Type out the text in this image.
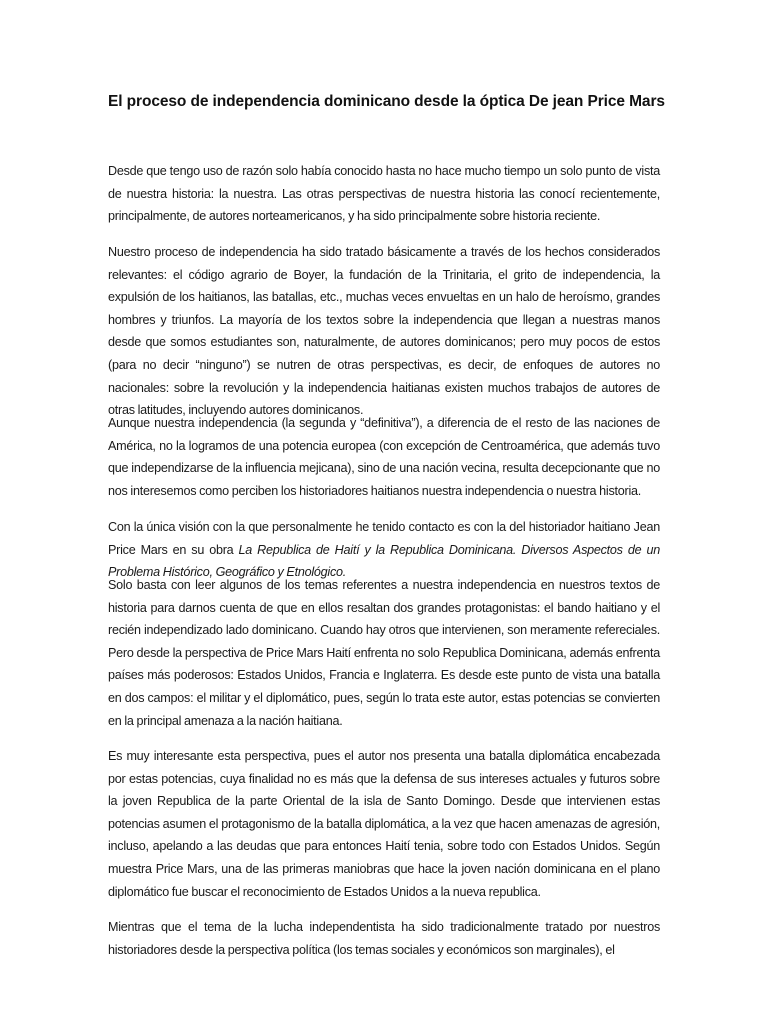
El proceso de independencia dominicano desde la óptica De jean Price Mars

Desde que tengo uso de razón solo había conocido hasta no hace mucho tiempo un solo punto de vista de nuestra historia: la nuestra. Las otras perspectivas de nuestra historia las conocí recientemente, principalmente, de autores norteamericanos, y ha sido principalmente sobre historia reciente.

Nuestro proceso de independencia ha sido tratado básicamente a través de los hechos considerados relevantes: el código agrario de Boyer, la fundación de la Trinitaria, el grito de independencia, la expulsión de los haitianos, las batallas, etc., muchas veces envueltas en un halo de heroísmo, grandes hombres y triunfos. La mayoría de los textos sobre la independencia que llegan a nuestras manos desde que somos estudiantes son, naturalmente, de autores dominicanos; pero muy pocos de estos (para no decir “ninguno”) se nutren de otras perspectivas, es decir, de enfoques de autores no nacionales: sobre la revolución y la independencia haitianas existen muchos trabajos de autores de otras latitudes, incluyendo autores dominicanos.

Aunque nuestra independencia (la segunda y “definitiva”), a diferencia de el resto de las naciones de América, no la logramos de una potencia europea (con excepción de Centroamérica, que además tuvo que independizarse de la influencia mejicana), sino de una nación vecina, resulta decepcionante que no nos interesemos como perciben los historiadores haitianos nuestra independencia o nuestra historia.

Con la única visión con la que personalmente he tenido contacto es con la del historiador haitiano Jean Price Mars en su obra La Republica de Haití y la Republica Dominicana. Diversos Aspectos de un Problema Histórico, Geográfico y Etnológico.

Solo basta con leer algunos de los temas referentes a nuestra independencia en nuestros textos de historia para darnos cuenta de que en ellos resaltan dos grandes protagonistas: el bando haitiano y el recién independizado lado dominicano. Cuando hay otros que intervienen, son meramente refereciales. Pero desde la perspectiva de Price Mars Haití enfrenta no solo Republica Dominicana, además enfrenta países más poderosos: Estados Unidos, Francia e Inglaterra. Es desde este punto de vista una batalla en dos campos: el militar y el diplomático, pues, según lo trata este autor, estas potencias se convierten en la principal amenaza a la nación haitiana.

Es muy interesante esta perspectiva, pues el autor nos presenta una batalla diplomática encabezada por estas potencias, cuya finalidad no es más que la defensa de sus intereses actuales y futuros sobre la joven Republica de la parte Oriental de la isla de Santo Domingo. Desde que intervienen estas potencias asumen el protagonismo de la batalla diplomática, a la vez que hacen amenazas de agresión, incluso, apelando a las deudas que para entonces Haití tenia, sobre todo con Estados Unidos. Según muestra Price Mars, una de las primeras maniobras que hace la joven nación dominicana en el plano diplomático fue buscar el reconocimiento de Estados Unidos a la nueva republica.

Mientras que el tema de la lucha independentista ha sido tradicionalmente tratado por nuestros historiadores desde la perspectiva política (los temas sociales y económicos son marginales), el
